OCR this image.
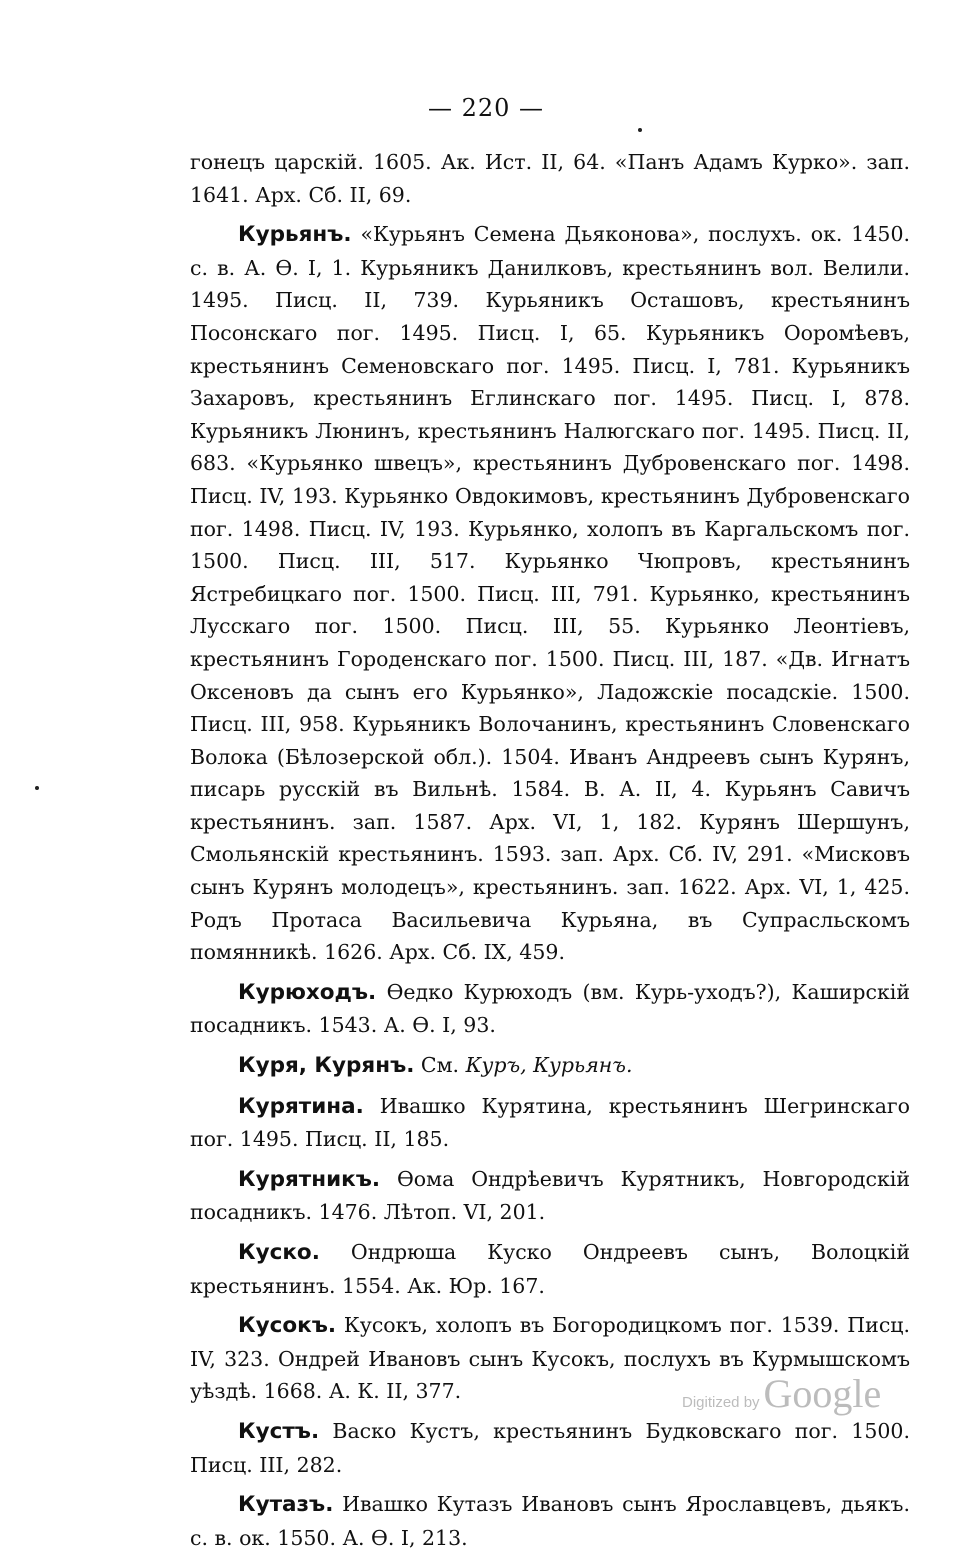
— 220 —

гонецъ царскій. 1605. Ак. Ист. II, 64. «Панъ Адамъ Курко». зап. 1641. Арх. Сб. II, 69.

Курьянъ. «Курьянъ Семена Дьяконова», послухъ. ок. 1450. с. в. А. Ѳ. I, 1. Курьяникъ Данилковъ, крестьянинъ вол. Велили. 1495. Писц. II, 739. Курьяникъ Осташовъ, крестьянинъ Посонскаго пог. 1495. Писц. I, 65. Курьяникъ Ооромѣевъ, крестьянинъ Семеновскаго пог. 1495. Писц. I, 781. Курьяникъ Захаровъ, крестьянинъ Еглинскаго пог. 1495. Писц. I, 878. Курьяникъ Люнинъ, крестьянинъ Налюгскаго пог. 1495. Писц. II, 683. «Курьянко швецъ», крестьянинъ Дубровенскаго пог. 1498. Писц. IV, 193. Курьянко Овдокимовъ, крестьянинъ Дубровенскаго пог. 1498. Писц. IV, 193. Курьянко, холопъ въ Каргальскомъ пог. 1500. Писц. III, 517. Курьянко Чюпровъ, крестьянинъ Ястребицкаго пог. 1500. Писц. III, 791. Курьянко, крестьянинъ Лусскаго пог. 1500. Писц. III, 55. Курьянко Леонтіевъ, крестьянинъ Городенскаго пог. 1500. Писц. III, 187. «Дв. Игнатъ Оксеновъ да сынъ его Курьянко», Ладожскіе посадскіе. 1500. Писц. III, 958. Курьяникъ Волочанинъ, крестьянинъ Словенскаго Волока (Бѣлозерской обл.). 1504. Иванъ Андреевъ сынъ Курянъ, писарь русскій въ Вильнѣ. 1584. В. А. II, 4. Курьянъ Савичъ крестьянинъ. зап. 1587. Арх. VI, 1, 182. Курянъ Шершунъ, Смольянскій крестьянинъ. 1593. зап. Арх. Сб. IV, 291. «Мисковъ сынъ Курянъ молодецъ», крестьянинъ. зап. 1622. Арх. VI, 1, 425. Родъ Протаса Васильевича Курьяна, въ Супрасльскомъ помянникѣ. 1626. Арх. Сб. IX, 459.

Курюходъ. Ѳедко Курюходъ (вм. Курь-уходъ?), Каширскій посадникъ. 1543. А. Ѳ. I, 93.

Куря, Курянъ. См. Куръ, Курьянъ.

Курятина. Ивашко Курятина, крестьянинъ Шегринскаго пог. 1495. Писц. II, 185.

Курятникъ. Ѳома Ондрѣевичъ Курятникъ, Новгородскій посадникъ. 1476. Лѣтоп. VI, 201.

Куско. Ондрюша Куско Ондреевъ сынъ, Волоцкій крестьянинъ. 1554. Ак. Юр. 167.

Кусокъ. Кусокъ, холопъ въ Богородицкомъ пог. 1539. Писц. IV, 323. Ондрей Ивановъ сынъ Кусокъ, послухъ въ Курмышскомъ уѣздѣ. 1668. А. К. II, 377.

Кустъ. Васко Кустъ, крестьянинъ Будковскаго пог. 1500. Писц. III, 282.

Кутазъ. Ивашко Кутазъ Ивановъ сынъ Ярославцевъ, дьякъ. с. в. ок. 1550. А. Ѳ. I, 213.

Digitized by Google
